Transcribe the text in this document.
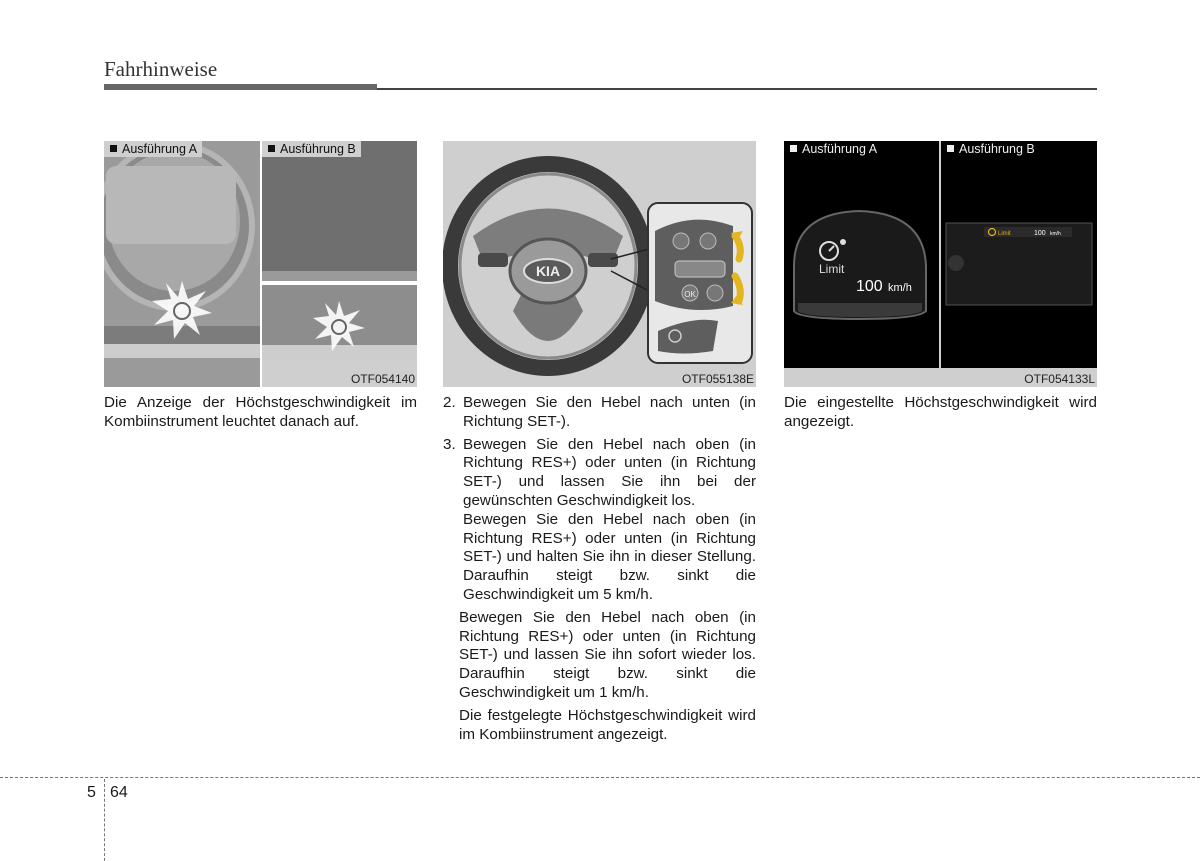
Fahrhinweise
Ausführung A	Ausführung B
OTF054140
KIA
OK
OTF055138E
Limit
100 km/h
Limit	100 km/h
Ausführung A	Ausführung B
OTF054133L

Die Anzeige der Höchstgeschwindigkeit im Kombiinstrument leuchtet danach auf.

2. Bewegen Sie den Hebel nach unten (in Richtung SET-).
3. Bewegen Sie den Hebel nach oben (in Richtung RES+) oder unten (in Richtung SET-) und lassen Sie ihn bei der gewünschten Geschwindigkeit los.
Bewegen Sie den Hebel nach oben (in Richtung RES+) oder unten (in Richtung SET-) und halten Sie ihn in dieser Stellung. Daraufhin steigt bzw. sinkt die Geschwindigkeit um 5 km/h.
Bewegen Sie den Hebel nach oben (in Richtung RES+) oder unten (in Richtung SET-) und lassen Sie ihn sofort wieder los. Daraufhin steigt bzw. sinkt die Geschwindigkeit um 1 km/h.
Die festgelegte Höchstgeschwindigkeit wird im Kombiinstrument angezeigt.

Die eingestellte Höchstgeschwindigkeit wird angezeigt.

5 64
